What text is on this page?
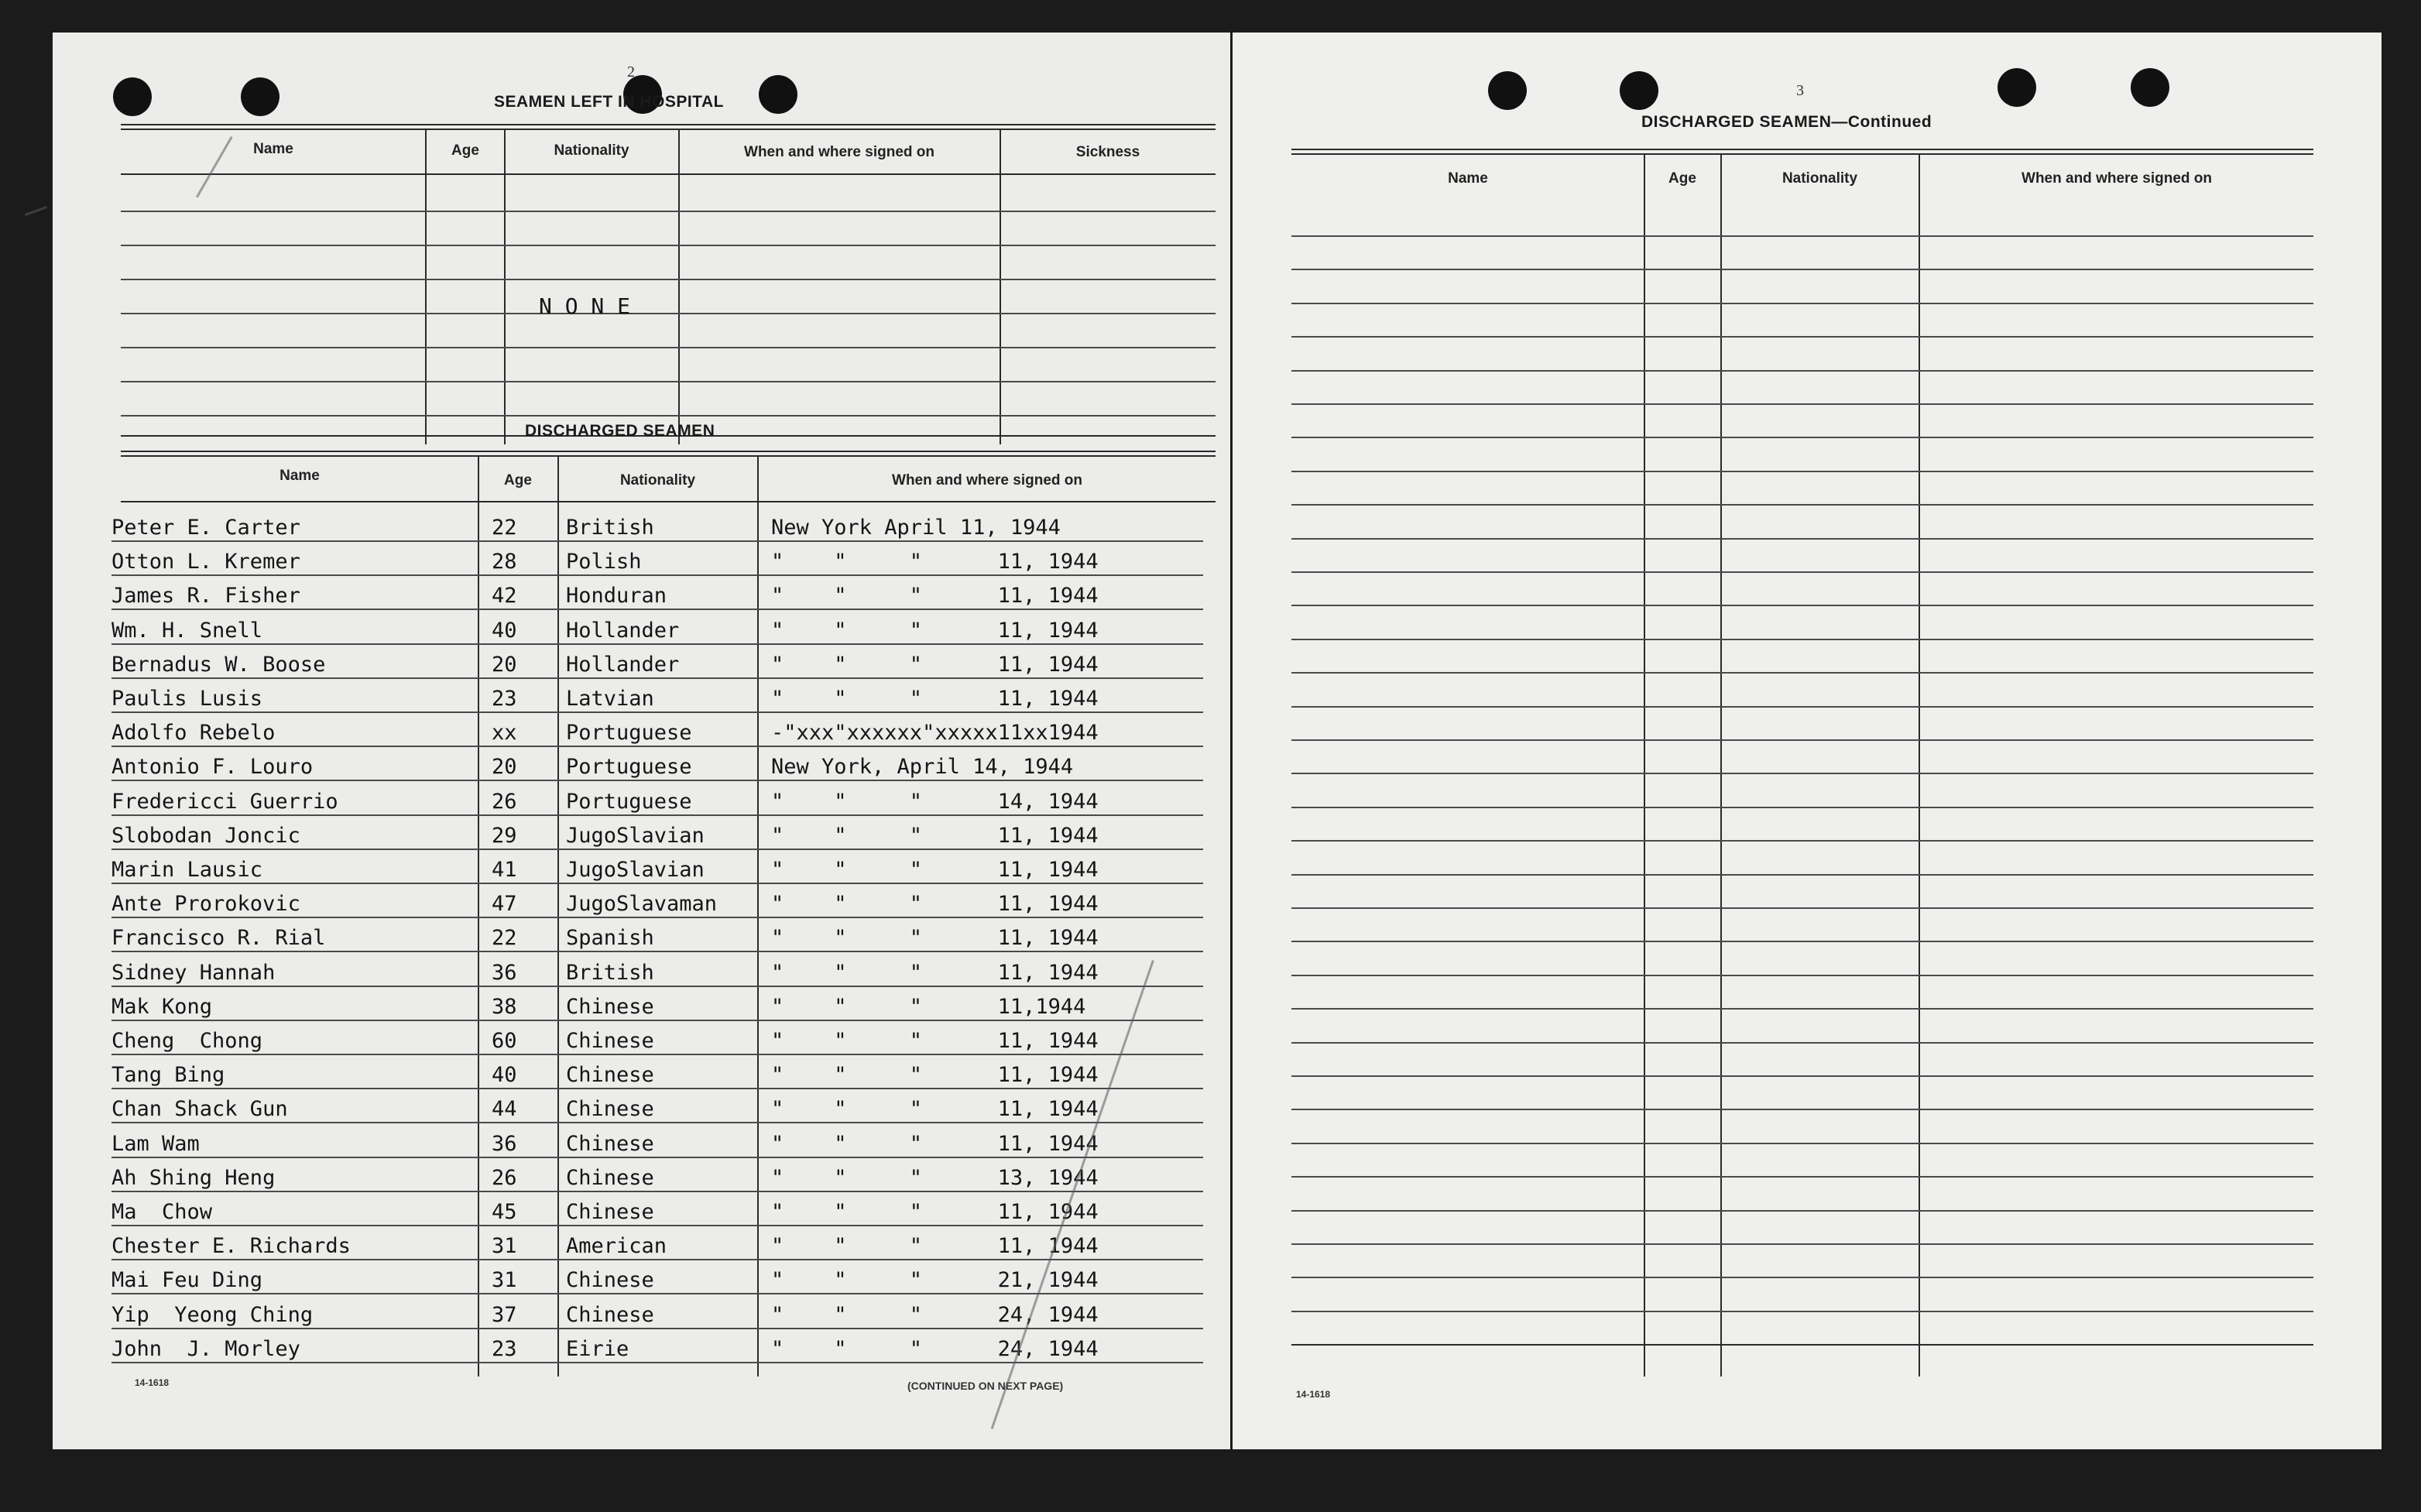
2
SEAMEN LEFT IN HOSPITAL
Name	Age	Nationality	When and where signed on	Sickness
N O N E
DISCHARGED SEAMEN
Name	Age	Nationality	When and where signed on
Peter E. Carter	22 British	New York April 11, 1944
Otton L. Kremer	28 Polish	"    "     "      11, 1944
James R. Fisher	42 Honduran	"    "     "      11, 1944
Wm. H. Snell	40 Hollander	"    "     "      11, 1944
Bernadus W. Boose	20 Hollander	"    "     "      11, 1944
Paulis Lusis	23 Latvian	"    "     "      11, 1944
Adolfo Rebelo	xx Portuguese	-"xxx"xxxxxx"xxxxx11xx1944
Antonio F. Louro	20 Portuguese	New York, April 14, 1944
Fredericci Guerrio	26 Portuguese	"    "     "      14, 1944
Slobodan Joncic	29 JugoSlavian	"    "     "      11, 1944
Marin Lausic	41 JugoSlavian	"    "     "      11, 1944
Ante Prorokovic	47 JugoSlavaman	"    "     "      11, 1944
Francisco R. Rial	22 Spanish	"    "     "      11, 1944
Sidney Hannah	36 British	"    "     "      11, 1944
Mak Kong	38 Chinese	"    "     "      11,1944
Cheng  Chong	60 Chinese	"    "     "      11, 1944
Tang Bing	40 Chinese	"    "     "      11, 1944
Chan Shack Gun	44 Chinese	"    "     "      11, 1944
Lam Wam	36 Chinese	"    "     "      11, 1944
Ah Shing Heng	26 Chinese	"    "     "      13, 1944
Ma  Chow	45 Chinese	"    "     "      11, 1944
Chester E. Richards	31 American	"    "     "      11, 1944
Mai Feu Ding	31 Chinese	"    "     "      21, 1944
Yip  Yeong Ching	37 Chinese	"    "     "      24, 1944
John  J. Morley	23 Eirie	"    "     "      24, 1944
14-1618	(CONTINUED ON NEXT PAGE)
3
DISCHARGED SEAMEN—Continued
Name	Age	Nationality	When and where signed on
14-1618
